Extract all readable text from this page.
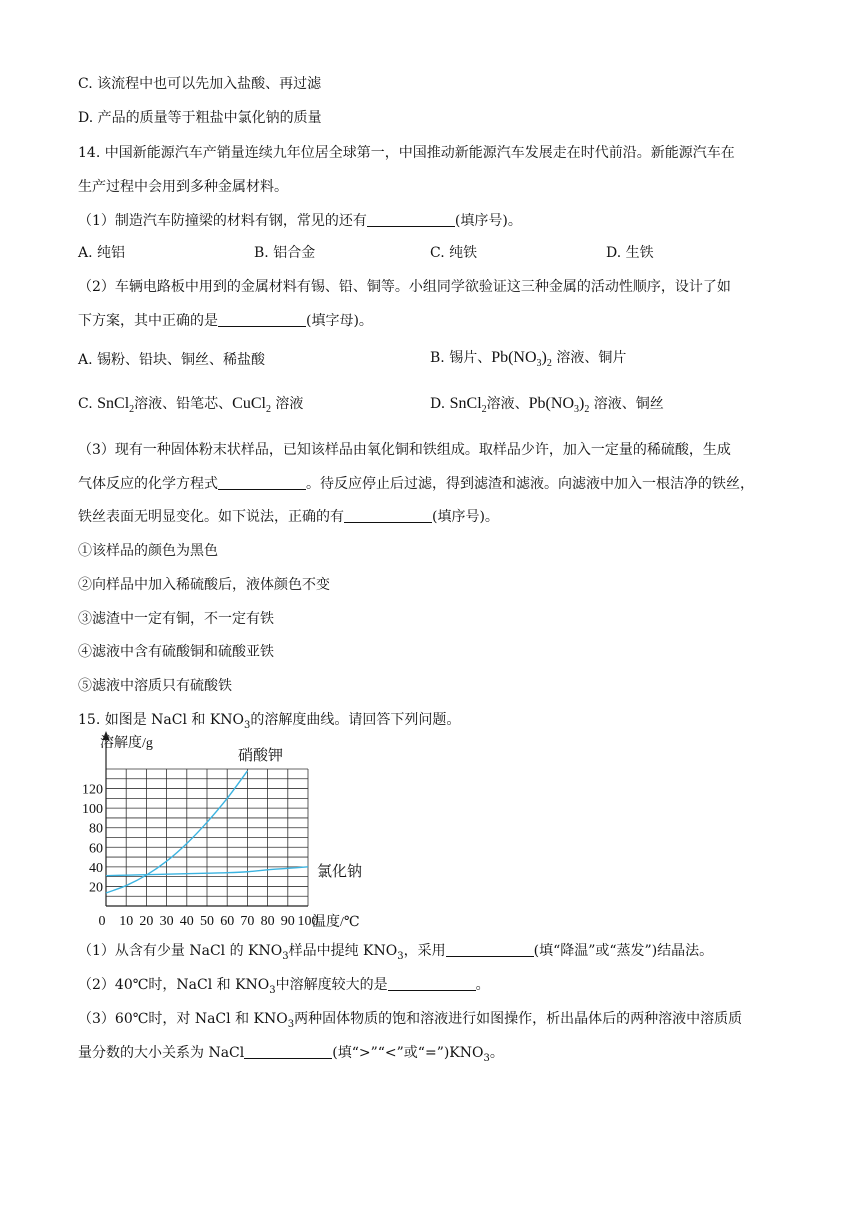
C. 该流程中也可以先加入盐酸、再过滤
D. 产品的质量等于粗盐中氯化钠的质量
14. 中国新能源汽车产销量连续九年位居全球第一，中国推动新能源汽车发展走在时代前沿。新能源汽车在
生产过程中会用到多种金属材料。
（1）制造汽车防撞梁的材料有钢，常见的还有	(填序号)。
A. 纯铝	B. 铝合金	C. 纯铁	D. 生铁
（2）车辆电路板中用到的金属材料有锡、铅、铜等。小组同学欲验证这三种金属的活动性顺序，设计了如
下方案，其中正确的是	(填字母)。
A. 锡粉、铅块、铜丝、稀盐酸	B. 锡片、$Pb(NO_3)_2$ 溶液、铜片
C. SnCl$_2$溶液、铅笔芯、CuCl$_2$ 溶液	D. SnCl$_2$溶液、$Pb(NO_3)_2$ 溶液、铜丝
（3）现有一种固体粉末状样品，已知该样品由氧化铜和铁组成。取样品少许，加入一定量的稀硫酸，生成
气体反应的化学方程式	。待反应停止后过滤，得到滤渣和滤液。向滤液中加入一根洁净的铁丝，
铁丝表面无明显变化。如下说法，正确的有	(填序号)。
①该样品的颜色为黑色
②向样品中加入稀硫酸后，液体颜色不变
③滤渣中一定有铜，不一定有铁
④滤液中含有硫酸铜和硫酸亚铁
⑤滤液中溶质只有硫酸铁
15. 如图是 NaCl 和 $KNO_3$的溶解度曲线。请回答下列问题。
20
40
60
80
100
120
0 10 20 30 40 50 60 70 80 90 100
溶解度/g
温度/℃
硝酸钾
氯化钠
（1）从含有少量 NaCl 的 $KNO_3$样品中提纯 $KNO_3$，采用	(填“降温”或“蒸发”)结晶法。
（2）40℃时，NaCl 和 $KNO_3$中溶解度较大的是	。
（3）60℃时，对 NaCl 和 $KNO_3$两种固体物质的饱和溶液进行如图操作，析出晶体后的两种溶液中溶质质
量分数的大小关系为 NaCl	(填“>”“<”或“$=”)KNO_3$。
